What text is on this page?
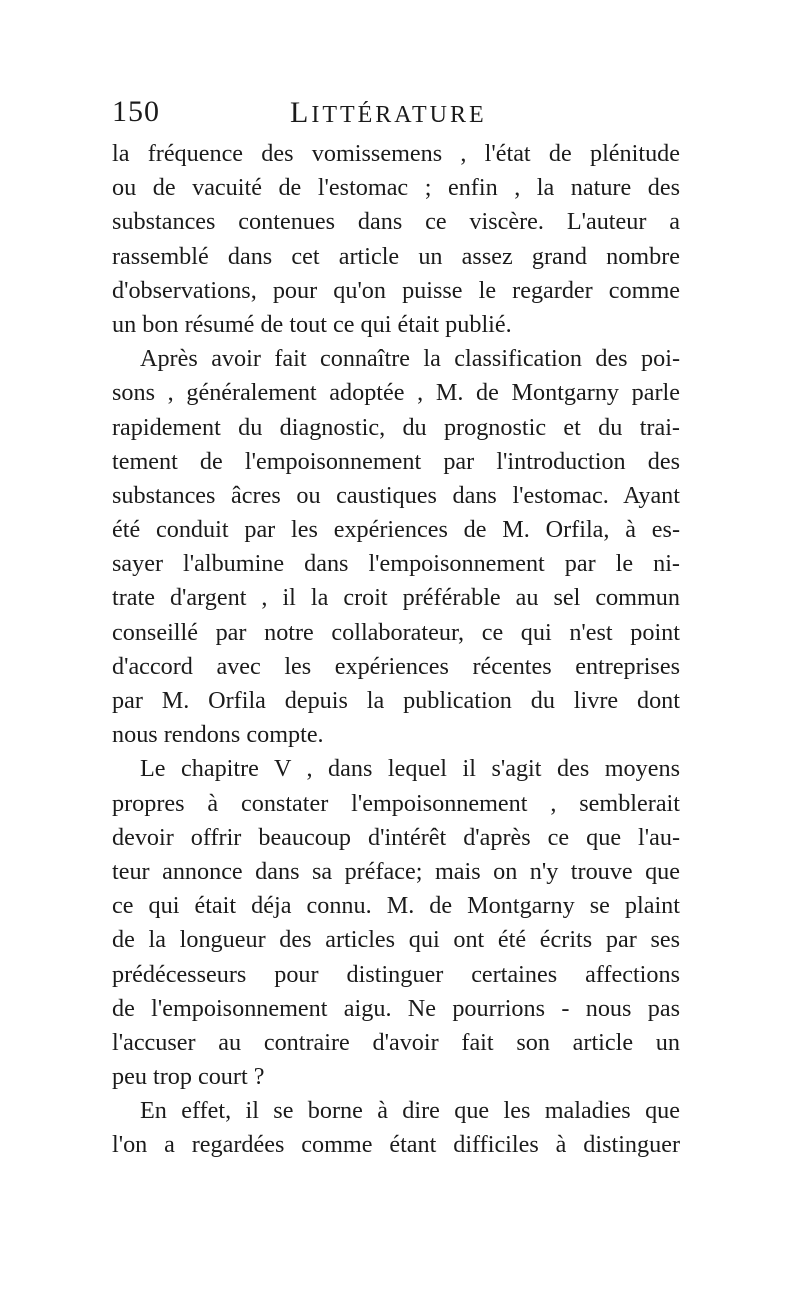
150	LITTÉRATURE
la fréquence des vomissemens , l'état de plénitude
ou de vacuité de l'estomac ; enfin , la nature des
substances contenues dans ce viscère. L'auteur a
rassemblé dans cet article un assez grand nombre
d'observations, pour qu'on puisse le regarder comme
un bon résumé de tout ce qui était publié.
Après avoir fait connaître la classification des poi-
sons , généralement adoptée , M. de Montgarny parle
rapidement du diagnostic, du prognostic et du trai-
tement de l'empoisonnement par l'introduction des
substances âcres ou caustiques dans l'estomac. Ayant
été conduit par les expériences de M. Orfila, à es-
sayer l'albumine dans l'empoisonnement par le ni-
trate d'argent , il la croit préférable au sel commun
conseillé par notre collaborateur, ce qui n'est point
d'accord avec les expériences récentes entreprises
par M. Orfila depuis la publication du livre dont
nous rendons compte.
Le chapitre V , dans lequel il s'agit des moyens
propres à constater l'empoisonnement , semblerait
devoir offrir beaucoup d'intérêt d'après ce que l'au-
teur annonce dans sa préface; mais on n'y trouve que
ce qui était déja connu. M. de Montgarny se plaint
de la longueur des articles qui ont été écrits par ses
prédécesseurs pour distinguer certaines affections
de l'empoisonnement aigu. Ne pourrions - nous pas
l'accuser au contraire d'avoir fait son article un
peu trop court ?
En effet, il se borne à dire que les maladies que
l'on a regardées comme étant difficiles à distinguer
